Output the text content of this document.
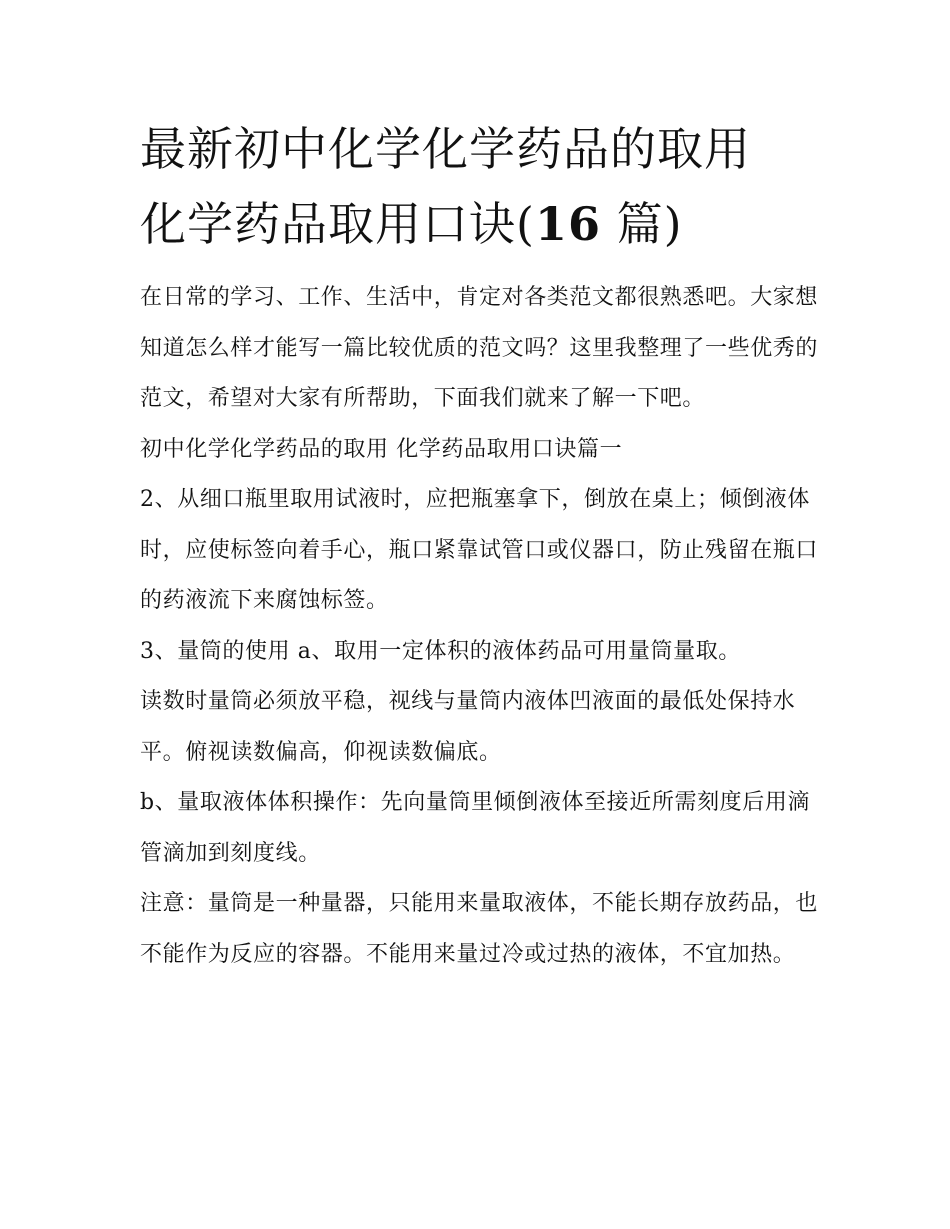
最新初中化学化学药品的取用
化学药品取用口诀(16 篇)

在日常的学习、工作、生活中，肯定对各类范文都很熟悉吧。大家想知道怎么样才能写一篇比较优质的范文吗？这里我整理了一些优秀的范文，希望对大家有所帮助，下面我们就来了解一下吧。

初中化学化学药品的取用 化学药品取用口诀篇一

2、从细口瓶里取用试液时，应把瓶塞拿下，倒放在桌上；倾倒液体时，应使标签向着手心，瓶口紧靠试管口或仪器口，防止残留在瓶口的药液流下来腐蚀标签。

3、量筒的使用 a、取用一定体积的液体药品可用量筒量取。

读数时量筒必须放平稳，视线与量筒内液体凹液面的最低处保持水平。俯视读数偏高，仰视读数偏底。

b、量取液体体积操作：先向量筒里倾倒液体至接近所需刻度后用滴管滴加到刻度线。

注意：量筒是一种量器，只能用来量取液体，不能长期存放药品，也不能作为反应的容器。不能用来量过冷或过热的液体，不宜加热。
